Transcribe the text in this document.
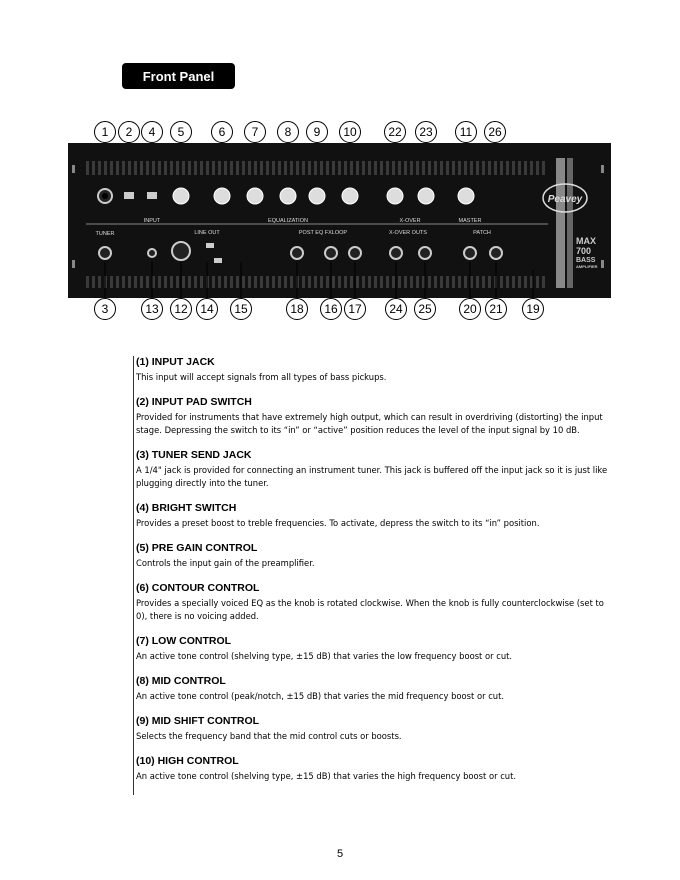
Front Panel
1	2	4	5	6	7	8	9	10	22	23	11	26
INPUT	EQUALIZATION	X-OVER	MASTER
TUNER	LINE OUT	POST EQ FXLOOP	X-OVER OUTS	PATCH
Peavey
MAX
700
BASS
AMPLIFIER
3	13	12	14	15	18	16 17	24	25	20	21	19
(1) INPUT JACK
This input will accept signals from all types of bass pickups.
(2) INPUT PAD SWITCH
Provided for instruments that have extremely high output, which can result in overdriving (distorting) the input stage. Depressing the switch to its “in” or “active” position reduces the level of the input signal by 10 dB.
(3) TUNER SEND JACK
A 1/4" jack is provided for connecting an instrument tuner. This jack is buffered off the input jack so it is just like plugging directly into the tuner.
(4) BRIGHT SWITCH
Provides a preset boost to treble frequencies. To activate, depress the switch to its “in” position.
(5) PRE GAIN CONTROL
Controls the input gain of the preamplifier.
(6) CONTOUR CONTROL
Provides a specially voiced EQ as the knob is rotated clockwise. When the knob is fully counterclockwise (set to 0), there is no voicing added.
(7) LOW CONTROL
An active tone control (shelving type, ±15 dB) that varies the low frequency boost or cut.
(8) MID CONTROL
An active tone control (peak/notch, ±15 dB) that varies the mid frequency boost or cut.
(9) MID SHIFT CONTROL
Selects the frequency band that the mid control cuts or boosts.
(10) HIGH CONTROL
An active tone control (shelving type, ±15 dB) that varies the high frequency boost or cut.
5
